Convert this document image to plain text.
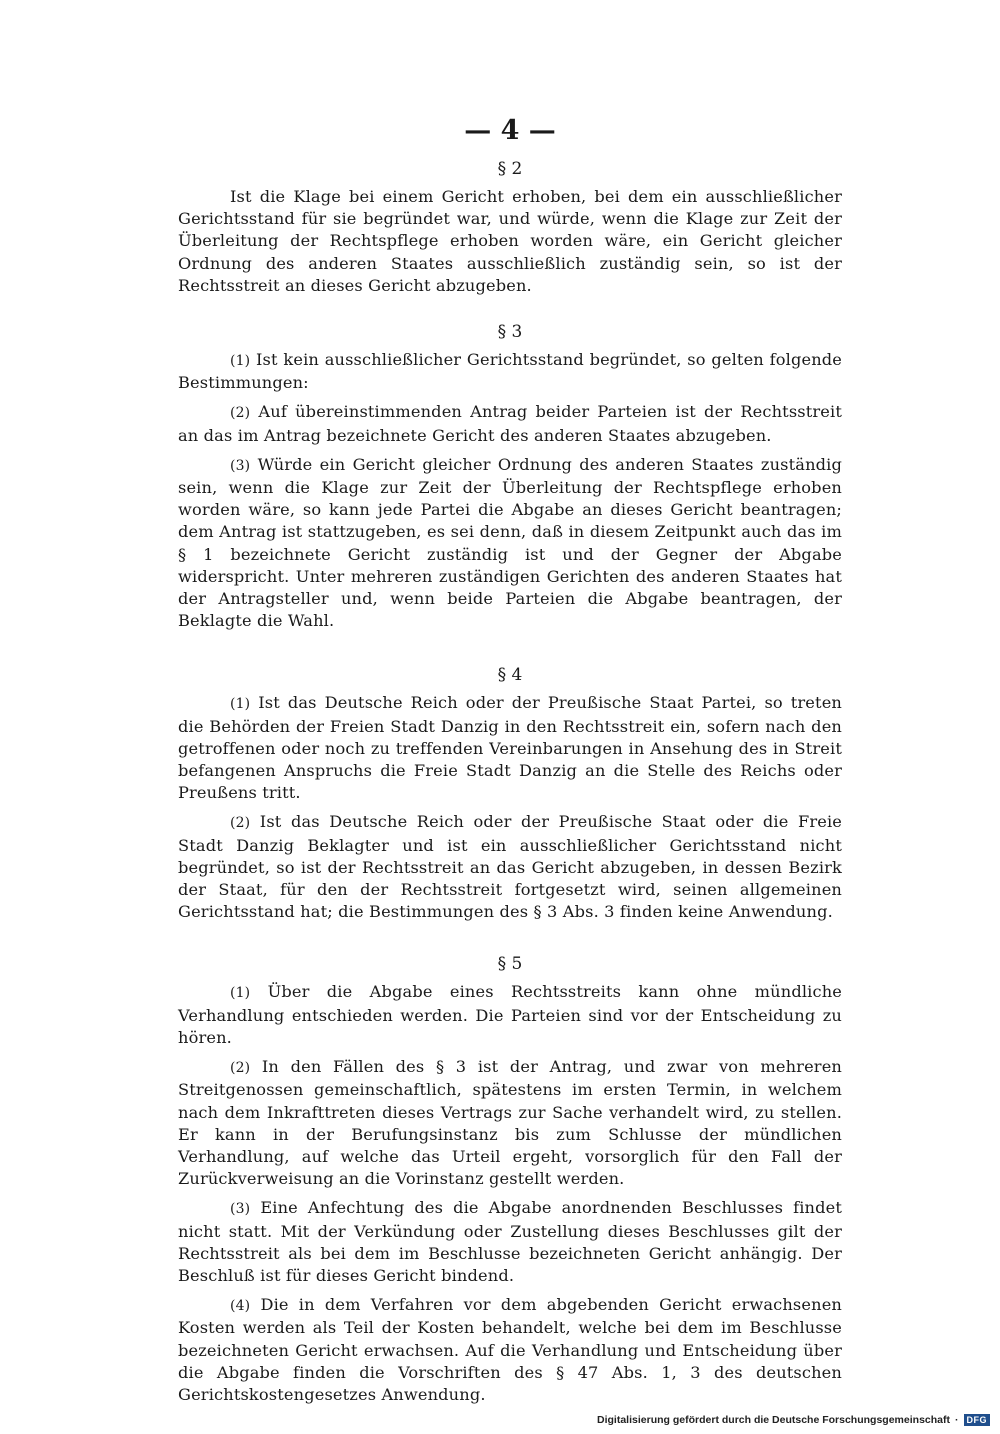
— 4 —
§ 2

Ist die Klage bei einem Gericht erhoben, bei dem ein ausschließlicher Gerichtsstand für sie begründet war, und würde, wenn die Klage zur Zeit der Überleitung der Rechtspflege erhoben worden wäre, ein Gericht gleicher Ordnung des anderen Staates ausschließlich zuständig sein, so ist der Rechtsstreit an dieses Gericht abzugeben.

§ 3

(1) Ist kein ausschließlicher Gerichtsstand begründet, so gelten folgende Bestimmungen:

(2) Auf übereinstimmenden Antrag beider Parteien ist der Rechtsstreit an das im Antrag bezeichnete Gericht des anderen Staates abzugeben.

(3) Würde ein Gericht gleicher Ordnung des anderen Staates zuständig sein, wenn die Klage zur Zeit der Überleitung der Rechtspflege erhoben worden wäre, so kann jede Partei die Abgabe an dieses Gericht beantragen; dem Antrag ist stattzugeben, es sei denn, daß in diesem Zeitpunkt auch das im § 1 bezeichnete Gericht zuständig ist und der Gegner der Abgabe widerspricht. Unter mehreren zuständigen Gerichten des anderen Staates hat der Antragsteller und, wenn beide Parteien die Abgabe beantragen, der Beklagte die Wahl.

§ 4

(1) Ist das Deutsche Reich oder der Preußische Staat Partei, so treten die Behörden der Freien Stadt Danzig in den Rechtsstreit ein, sofern nach den getroffenen oder noch zu treffenden Vereinbarungen in Ansehung des in Streit befangenen Anspruchs die Freie Stadt Danzig an die Stelle des Reichs oder Preußens tritt.

(2) Ist das Deutsche Reich oder der Preußische Staat oder die Freie Stadt Danzig Beklagter und ist ein ausschließlicher Gerichtsstand nicht begründet, so ist der Rechtsstreit an das Gericht abzugeben, in dessen Bezirk der Staat, für den der Rechtsstreit fortgesetzt wird, seinen allgemeinen Gerichtsstand hat; die Bestimmungen des § 3 Abs. 3 finden keine Anwendung.

§ 5

(1) Über die Abgabe eines Rechtsstreits kann ohne mündliche Verhandlung entschieden werden. Die Parteien sind vor der Entscheidung zu hören.

(2) In den Fällen des § 3 ist der Antrag, und zwar von mehreren Streitgenossen gemeinschaftlich, spätestens im ersten Termin, in welchem nach dem Inkrafttreten dieses Vertrags zur Sache verhandelt wird, zu stellen. Er kann in der Berufungsinstanz bis zum Schlusse der mündlichen Verhandlung, auf welche das Urteil ergeht, vorsorglich für den Fall der Zurückverweisung an die Vorinstanz gestellt werden.

(3) Eine Anfechtung des die Abgabe anordnenden Beschlusses findet nicht statt. Mit der Verkündung oder Zustellung dieses Beschlusses gilt der Rechtsstreit als bei dem im Beschlusse bezeichneten Gericht anhängig. Der Beschluß ist für dieses Gericht bindend.

(4) Die in dem Verfahren vor dem abgebenden Gericht erwachsenen Kosten werden als Teil der Kosten behandelt, welche bei dem im Beschlusse bezeichneten Gericht erwachsen. Auf die Verhandlung und Entscheidung über die Abgabe finden die Vorschriften des § 47 Abs. 1, 3 des deutschen Gerichtskostengesetzes Anwendung.

Digitalisierung gefördert durch die Deutsche Forschungsgemeinschaft · DFG
